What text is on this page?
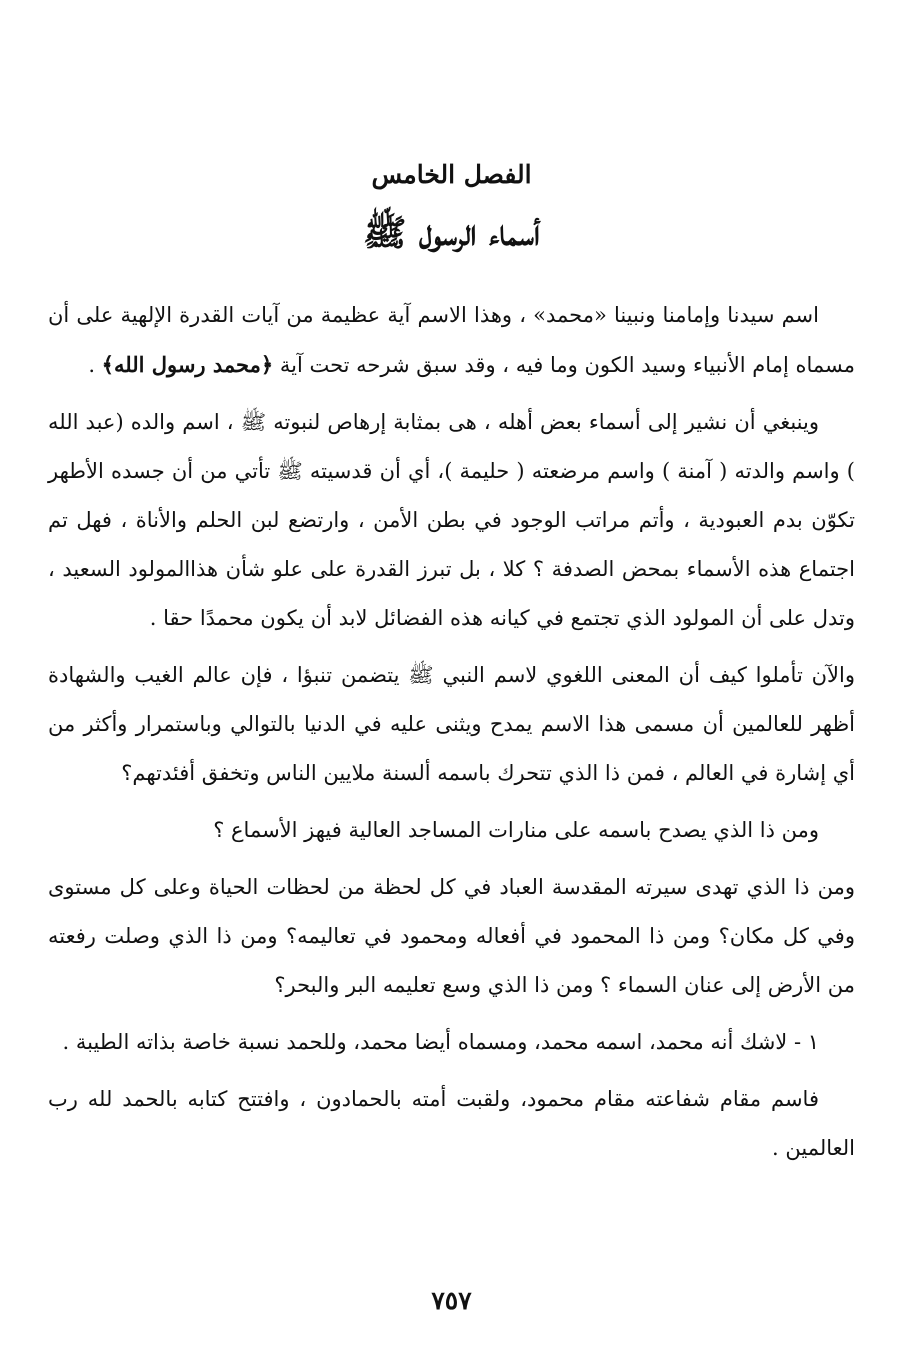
الفصل الخامس
أسماء الرسول ﷺ

اسم سيدنا وإمامنا ونبينا «محمد» ، وهذا الاسم آية عظيمة من آيات القدرة الإلهية على أن مسماه إمام الأنبياء وسيد الكون وما فيه ، وقد سبق شرحه تحت آية ﴿محمد رسول الله﴾ .

وينبغي أن نشير إلى أسماء بعض أهله ، هى بمثابة إرهاص لنبوته ﷺ ، اسم والده (عبد الله ) واسم والدته ( آمنة ) واسم مرضعته ( حليمة )، أي أن قدسيته ﷺ تأتي من أن جسده الأطهر تكوّن بدم العبودية ، وأتم مراتب الوجود في بطن الأمن ، وارتضع لبن الحلم والأناة ، فهل تم اجتماع هذه الأسماء بمحض الصدفة ؟ كلا ، بل تبرز القدرة على علو شأن هذاالمولود السعيد ، وتدل على أن المولود الذي تجتمع في كيانه هذه الفضائل لابد أن يكون محمدًا حقا .

والآن تأملوا كيف أن المعنى اللغوي لاسم النبي ﷺ يتضمن تنبؤا ، فإن عالم الغيب والشهادة أظهر للعالمين أن مسمى هذا الاسم يمدح ويثنى عليه في الدنيا بالتوالي وباستمرار وأكثر من أي إشارة في العالم ، فمن ذا الذي تتحرك باسمه ألسنة ملايين الناس وتخفق أفئدتهم؟

ومن ذا الذي يصدح باسمه على منارات المساجد العالية فيهز الأسماع ؟

ومن ذا الذي تهدى سيرته المقدسة العباد في كل لحظة من لحظات الحياة وعلى كل مستوى وفي كل مكان؟ ومن ذا المحمود في أفعاله ومحمود في تعاليمه؟ ومن ذا الذي وصلت رفعته من الأرض إلى عنان السماء ؟ ومن ذا الذي وسع تعليمه البر والبحر؟

١ - لاشك أنه محمد، اسمه محمد، ومسماه أيضا محمد، وللحمد نسبة خاصة بذاته الطيبة .

فاسم مقام شفاعته مقام محمود، ولقبت أمته بالحمادون ، وافتتح كتابه بالحمد لله رب العالمين .

٧٥٧
